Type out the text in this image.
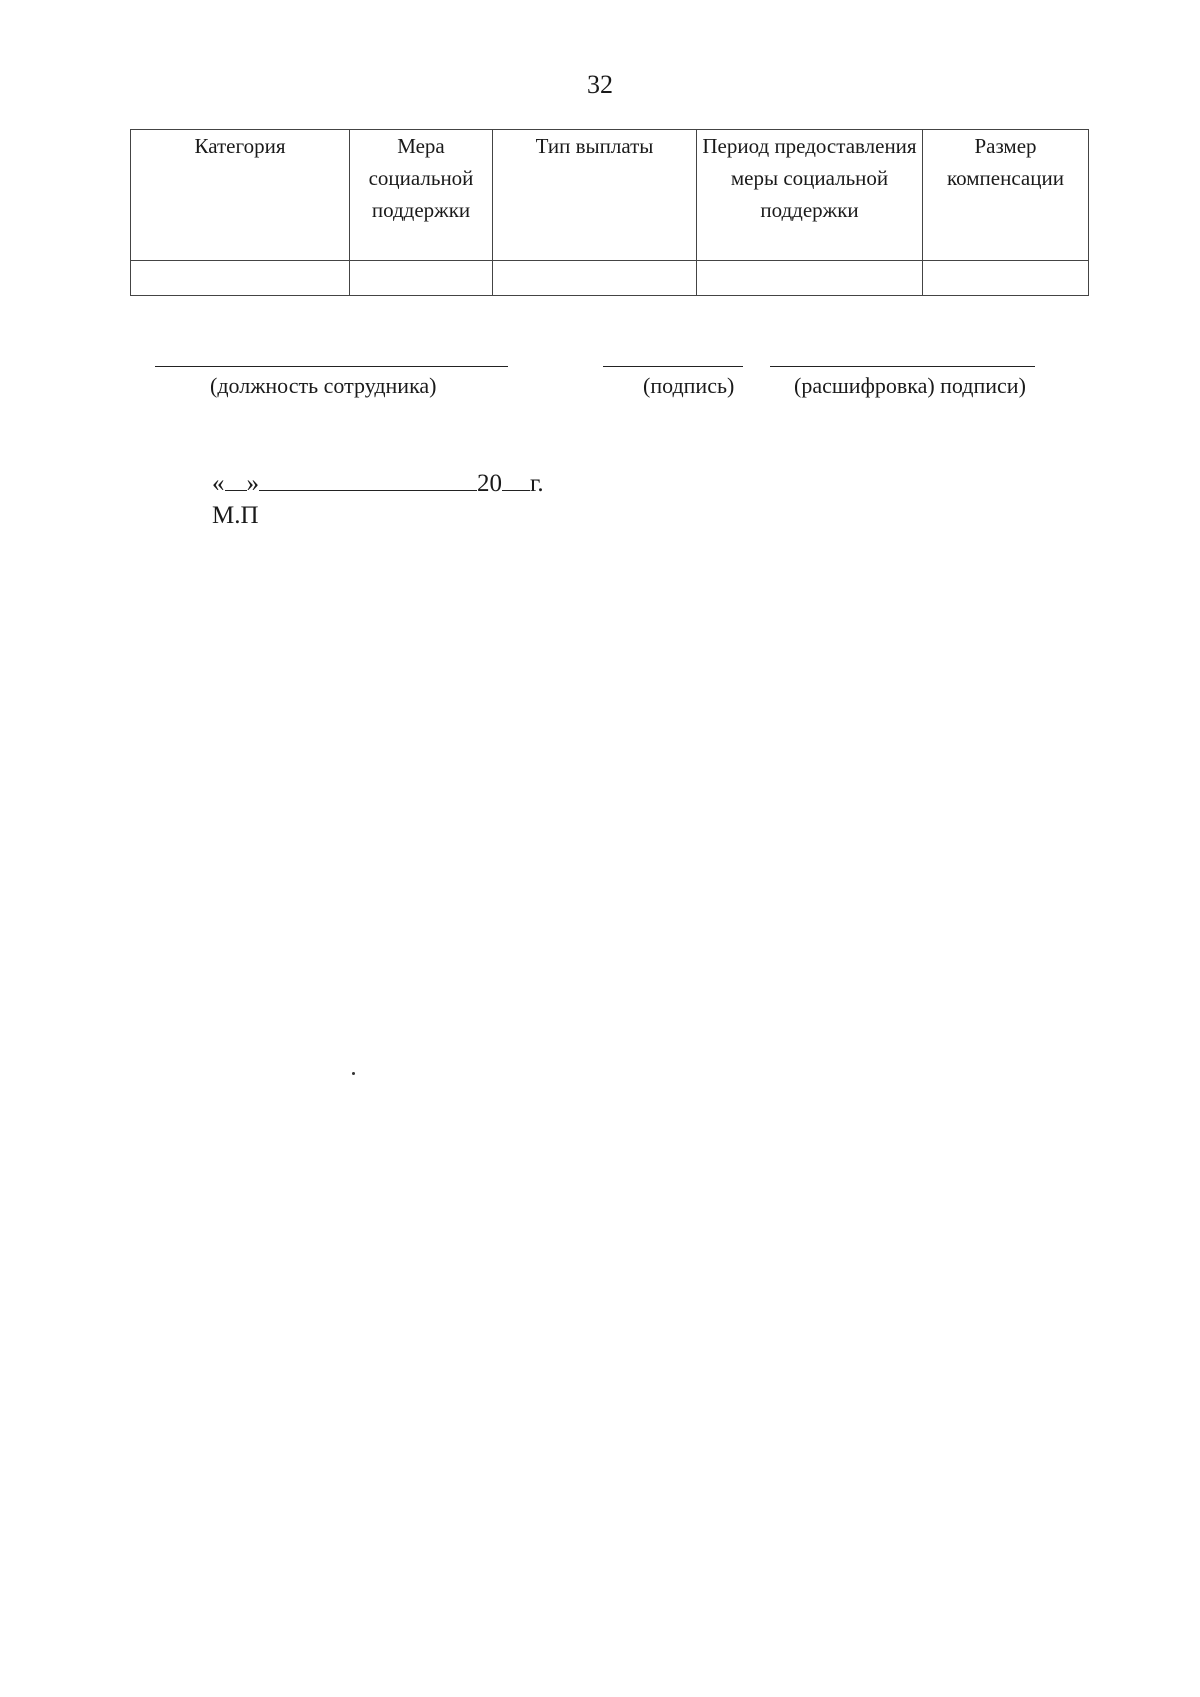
32
Категория	Мера социальной поддержки	Тип выплаты	Период предоставления меры социальной поддержки	Размер компенсации

(должность сотрудника)	(подпись)	(расшифровка) подписи)
« »	20 г.
М.П
